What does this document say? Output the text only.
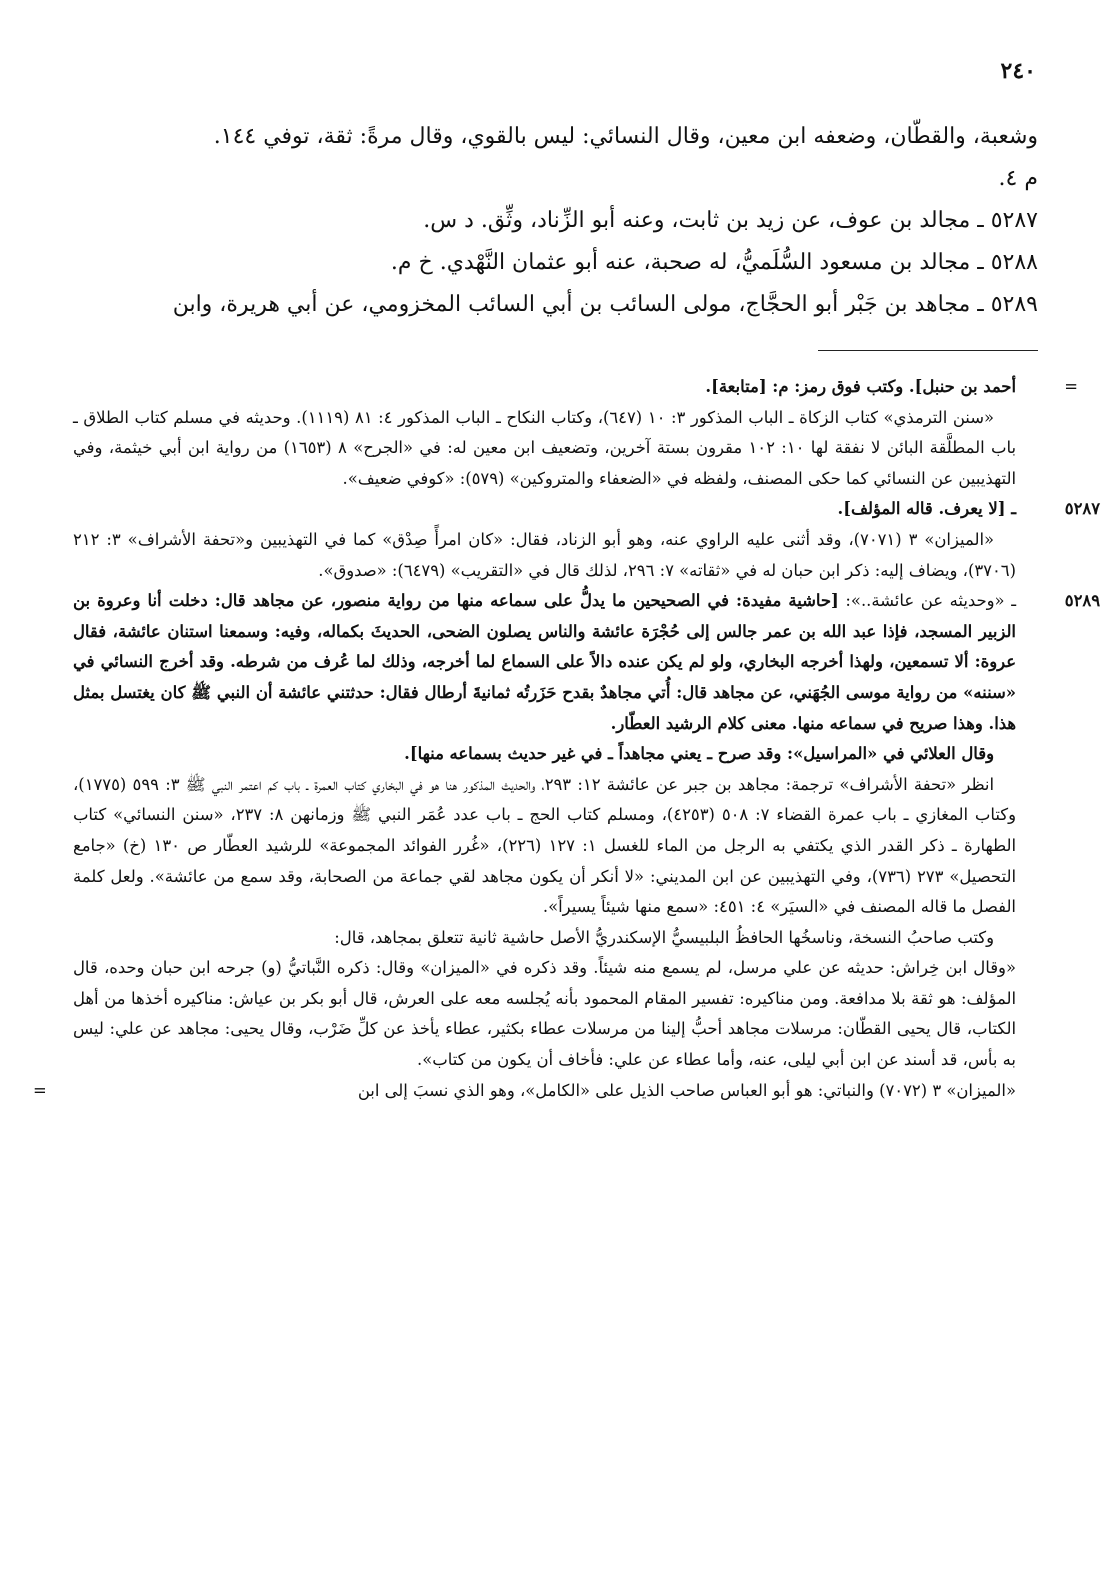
٢٤٠

وشعبة، والقطّان، وضعفه ابن معين، وقال النسائي: ليس بالقوي، وقال مرةً: ثقة، توفي ١٤٤.

م ٤.

٥٢٨٧ ـ مجالد بن عوف، عن زيد بن ثابت، وعنه أبو الزِّناد، وثِّق. د س.

٥٢٨٨ ـ مجالد بن مسعود السُّلَميُّ، له صحبة، عنه أبو عثمان النَّهْدي. خ م.

٥٢٨٩ ـ مجاهد بن جَبْر أبو الحجَّاج، مولى السائب بن أبي السائب المخزومي، عن أبي هريرة، وابن

=
أحمد بن حنبل]. وكتب فوق رمز: م: [متابعة].

«سنن الترمذي» كتاب الزكاة ـ الباب المذكور ٣: ١٠ (٦٤٧)، وكتاب النكاح ـ الباب المذكور ٤: ٨١ (١١١٩). وحديثه في مسلم كتاب الطلاق ـ باب المطلَّقة البائن لا نفقة لها ١٠: ١٠٢ مقرون بستة آخرين، وتضعيف ابن معين له: في «الجرح» ٨ (١٦٥٣) من رواية ابن أبي خيثمة، وفي التهذيبين عن النسائي كما حكى المصنف، ولفظه في «الضعفاء والمتروكين» (٥٧٩): «كوفي ضعيف».

٥٢٨٧
ـ [لا يعرف. قاله المؤلف].

«الميزان» ٣ (٧٠٧١)، وقد أثنى عليه الراوي عنه، وهو أبو الزناد، فقال: «كان امرأً صِدْق» كما في التهذيبين و«تحفة الأشراف» ٣: ٢١٢ (٣٧٠٦)، ويضاف إليه: ذكر ابن حبان له في «ثقاته» ٧: ٢٩٦، لذلك قال في «التقريب» (٦٤٧٩): «صدوق».

٥٢٨٩
ـ «وحديثه عن عائشة..»: [حاشية مفيدة: في الصحيحين ما يدلُّ على سماعه منها من رواية منصور، عن مجاهد قال: دخلت أنا وعروة بن الزبير المسجد، فإذا عبد الله بن عمر جالس إلى حُجْرَة عائشة والناس يصلون الضحى، الحديثَ بكماله، وفيه: وسمعنا استنان عائشة، فقال عروة: ألا تسمعين، ولهذا أخرجه البخاري، ولو لم يكن عنده دالاً على السماع لما أخرجه، وذلك لما عُرف من شرطه. وقد أخرج النسائي في «سننه» من رواية موسى الجُهَني، عن مجاهد قال: أُتي مجاهدٌ بقدح حَزَرتُه ثمانيةَ أرطال فقال: حدثتني عائشة أن النبي ﷺ كان يغتسل بمثل هذا. وهذا صريح في سماعه منها. معنى كلام الرشيد العطّار.

وقال العلائي في «المراسيل»: وقد صرح ـ يعني مجاهداً ـ في غير حديث بسماعه منها].

انظر «تحفة الأشراف» ترجمة: مجاهد بن جبر عن عائشة ١٢: ٢٩٣، والحديث المذكور هنا هو في البخاري كتاب العمرة ـ باب كم اعتمر النبي ﷺ ٣: ٥٩٩ (١٧٧٥)، وكتاب المغازي ـ باب عمرة القضاء ٧: ٥٠٨ (٤٢٥٣)، ومسلم كتاب الحج ـ باب عدد عُمَر النبي ﷺ وزمانهن ٨: ٢٣٧، «سنن النسائي» كتاب الطهارة ـ ذكر القدر الذي يكتفي به الرجل من الماء للغسل ١: ١٢٧ (٢٢٦)، «غُرر الفوائد المجموعة» للرشيد العطّار ص ١٣٠ (خ) «جامع التحصيل» ٢٧٣ (٧٣٦)، وفي التهذيبين عن ابن المديني: «لا أنكر أن يكون مجاهد لقي جماعة من الصحابة، وقد سمع من عائشة». ولعل كلمة الفصل ما قاله المصنف في «السيَر» ٤: ٤٥١: «سمع منها شيئاً يسيراً».

وكتب صاحبُ النسخة، وناسخُها الحافظُ البلبيسيُّ الإسكندريُّ الأصل حاشية ثانية تتعلق بمجاهد، قال:

«وقال ابن خِراش: حديثه عن علي مرسل، لم يسمع منه شيئاً. وقد ذكره في «الميزان» وقال: ذكره النَّباتيُّ (و) جرحه ابن حبان وحده، قال المؤلف: هو ثقة بلا مدافعة. ومن مناكيره: تفسير المقام المحمود بأنه يُجلسه معه على العرش، قال أبو بكر بن عياش: مناكيره أخذها من أهل الكتاب، قال يحيى القطّان: مرسلات مجاهد أحبُّ إلينا من مرسلات عطاء بكثير، عطاء يأخذ عن كلِّ ضَرْب، وقال يحيى: مجاهد عن علي: ليس به بأس، قد أسند عن ابن أبي ليلى، عنه، وأما عطاء عن علي: فأخاف أن يكون من كتاب».

«الميزان» ٣ (٧٠٧٢) والنباتي: هو أبو العباس صاحب الذيل على «الكامل»، وهو الذي نسبَ إلى ابن
=
